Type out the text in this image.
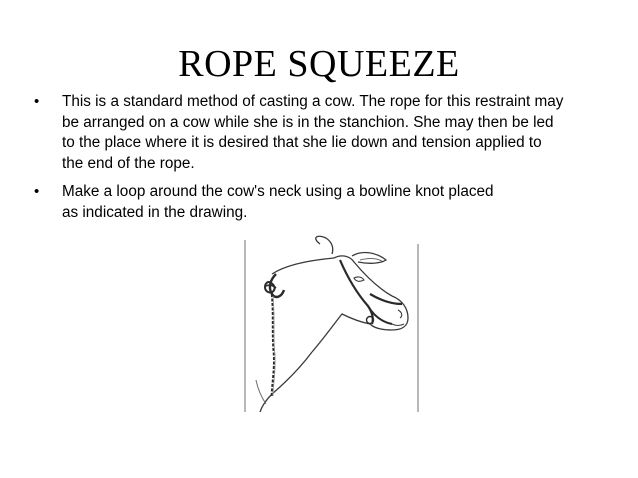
ROPE SQUEEZE
•	This is a standard method of casting a cow. The rope for this restraint may
be arranged on a cow while she is in the stanchion. She may then be led
to the place where it is desired that she lie down and tension applied to
the end of the rope.
•	Make a loop around the cow's neck using a bowline knot placed
as indicated in the drawing.
